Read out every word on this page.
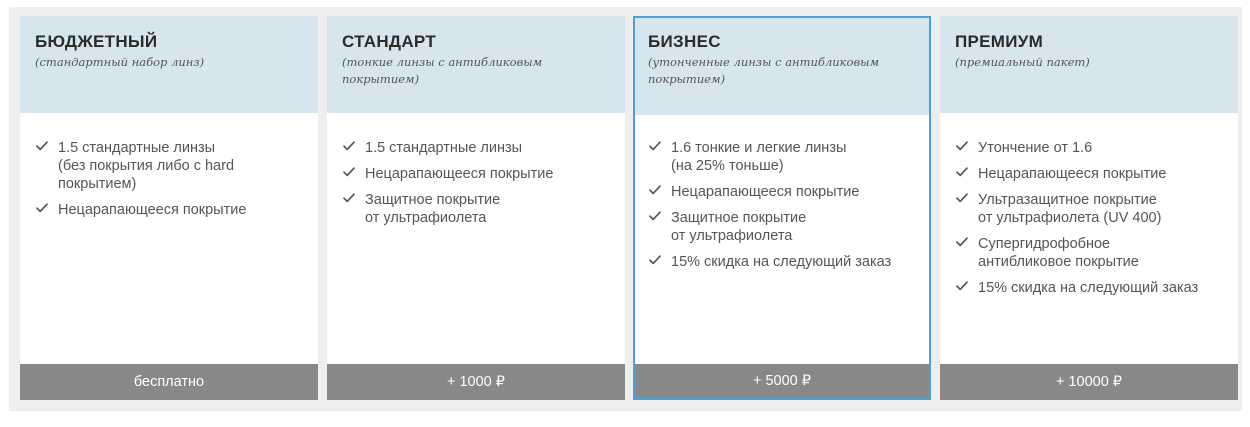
БЮДЖЕТНЫЙ
(стандартный набор линз)
1.5 стандартные линзы
(без покрытия либо с hard покрытием)
Нецарапающееся покрытие
бесплатно
СТАНДАРТ
(тонкие линзы с антибликовым покрытием)
1.5 стандартные линзы
Нецарапающееся покрытие
Защитное покрытие
от ультрафиолета
+ 1000 ₽
БИЗНЕС
(утонченные линзы с антибликовым покрытием)
1.6 тонкие и легкие линзы
(на 25% тоньше)
Нецарапающееся покрытие
Защитное покрытие
от ультрафиолета
15% скидка на следующий заказ
+ 5000 ₽
ПРЕМИУМ
(премиальный пакет)
Утончение от 1.6
Нецарапающееся покрытие
Ультразащитное покрытие
от ультрафиолета (UV 400)
Супергидрофобное
антибликовое покрытие
15% скидка на следующий заказ
+ 10000 ₽
